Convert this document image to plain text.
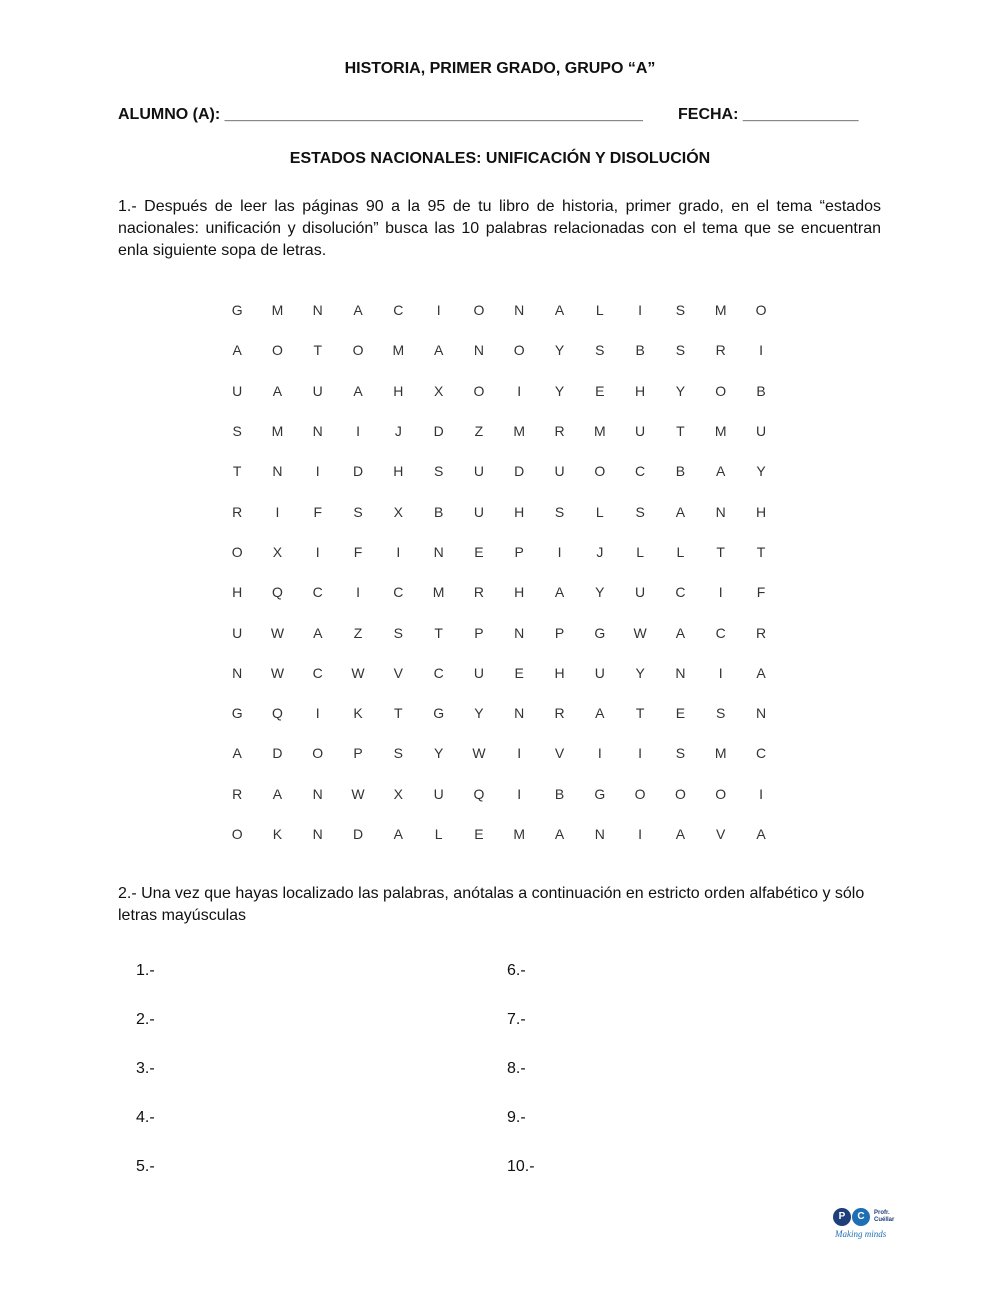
HISTORIA, PRIMER GRADO, GRUPO “A”
ALUMNO (A): _______________________________________________ FECHA: _____________
ESTADOS NACIONALES: UNIFICACIÓN Y DISOLUCIÓN
1.- Después de leer las páginas 90 a la 95 de tu libro de historia, primer grado, en el tema “estados nacionales: unificación y disolución” busca las 10 palabras relacionadas con el tema que se encuentran enla siguiente sopa de letras.
G	M	N	A	C	I	O	N	A	L	I	S	M	O
A	O	T	O	M	A	N	O	Y	S	B	S	R	I
U	A	U	A	H	X	O	I	Y	E	H	Y	O	B
S	M	N	I	J	D	Z	M	R	M	U	T	M	U
T	N	I	D	H	S	U	D	U	O	C	B	A	Y
R	I	F	S	X	B	U	H	S	L	S	A	N	H
O	X	I	F	I	N	E	P	I	J	L	L	T	T
H	Q	C	I	C	M	R	H	A	Y	U	C	I	F
U	W	A	Z	S	T	P	N	P	G	W	A	C	R
N	W	C	W	V	C	U	E	H	U	Y	N	I	A
G	Q	I	K	T	G	Y	N	R	A	T	E	S	N
A	D	O	P	S	Y	W	I	V	I	I	S	M	C
R	A	N	W	X	U	Q	I	B	G	O	O	O	I
O	K	N	D	A	L	E	M	A	N	I	A	V	A
2.- Una vez que hayas localizado las palabras, anótalas a continuación en estricto orden alfabético y sólo letras mayúsculas
1.-
2.-
3.-
4.-
5.-
6.-
7.-
8.-
9.-
10.-
P	C	Profr.
Cuéllar
Making minds
